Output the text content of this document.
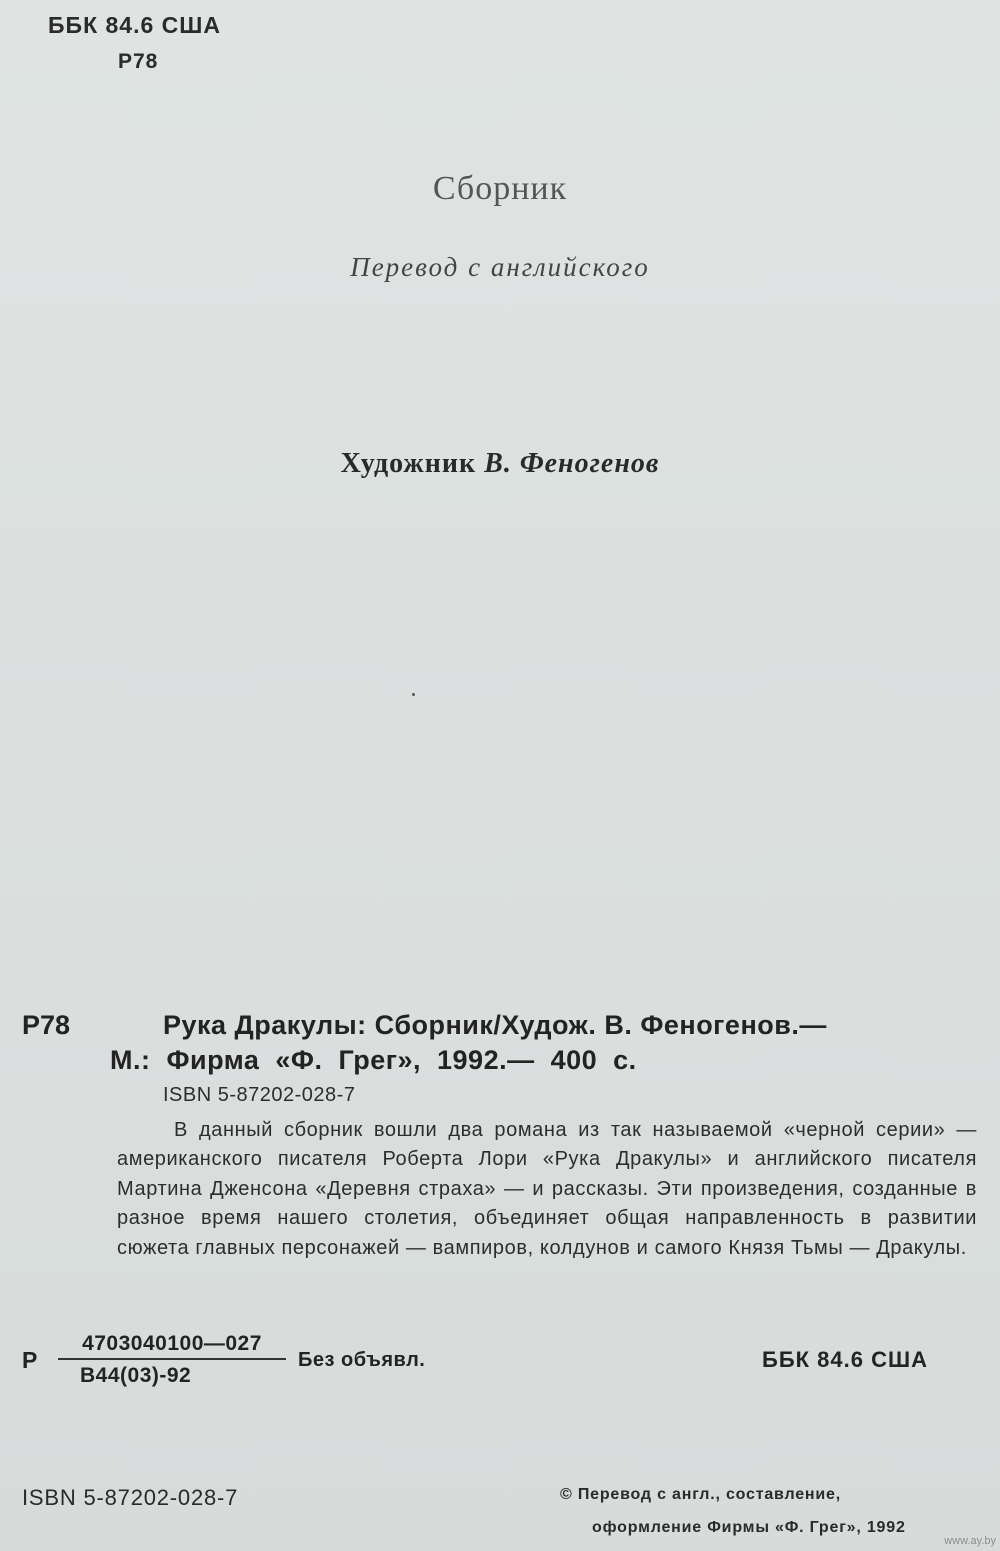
ББК 84.6 США
Р78
Сборник
Перевод с английского
Художник В. Феногенов
Р78	Рука Дракулы: Сборник/Худож. В. Феногенов.—
М.: Фирма «Ф. Грег», 1992.— 400 с.
ISBN 5-87202-028-7
В данный сборник вошли два романа из так называемой «черной серии» — американского писателя Роберта Лори «Рука Дракулы» и английского писателя Мартина Дженсона «Деревня страха» — и рассказы. Эти произведения, созданные в разное время нашего столетия, объединяет общая направленность в развитии сюжета главных персонажей — вампиров, колдунов и самого Князя Тьмы — Дракулы.
Р
4703040100—027
В44(03)-92
Без объявл.	ББК 84.6 США
ISBN 5-87202-028-7	© Перевод с англ., составление,
оформление Фирмы «Ф. Грег», 1992
www.ay.by
